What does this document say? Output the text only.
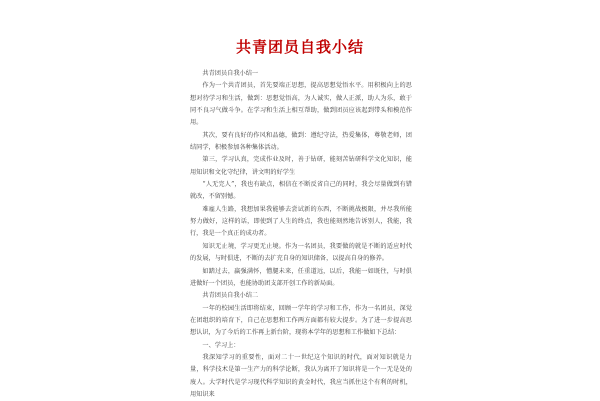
共青团员自我小结

共青团员自我小结一

作为一个共青团员，首先要端正思想，提高思想觉悟水平。用积极向上的思想对待学习和生活，做到：思想觉悟高，为人诚实，做人正派，助人为乐，敢于同不良习气做斗争。在学习和生活上相互帮助，做到团员应该起到带头和模范作用。

其次，要有良好的作风和品德，做到：遵纪守法，热爱集体，尊敬老师，团结同学，积极参加各种集体活动。

第三，学习认真，完成作业及时，善于钻研，能刻苦钻研科学文化知识，能用知识和文化守纪律，讲文明的好学生

“人无完人”，我也有缺点，相信在不断反省自己的同时，我会尽量做到有错就改，不留别憾。

难雇人生路，我想加果我能够去尝试新的东西，不断挑战极限，并尽我所能努力做好，这样的话，即使到了人生的终点，我也能刻然地告诉别人，我能，我行，我是一个真正的成功者。

知识无止境，学习更无止境。作为一名团员，我要做的就是不断的适应时代的发展，与时俱进，不断的去扩充自身的知识储备，以提高自身的修养。

如踏过去，赢强满怀，憎腿未来，任重道远，以后，我能一如既往，与时俱进做好一个团员，也能协助团支部开创工作的新局面。

共青团员自我小结二

一年的校园生活即将结束，回顾一学年的学习和工作，作为一名团员，深觉在团组织的培育下，自己在思想和工作两方面都有较大提步。为了进一步提高思想认识，为了今后的工作再上新台阶，现将本学年的思想和工作做如下总结：

一、学习上：

我深知学习的重要性，面对二十一世纪这个知识的时代，面对知识就是力量，科学技术是第一生产力的科学论断，我认为离开了知识将是一个一无是处的废人。大学时代是学习现代科学知识的黄金时代，我应当抓住这个有利的时机，用知识来
